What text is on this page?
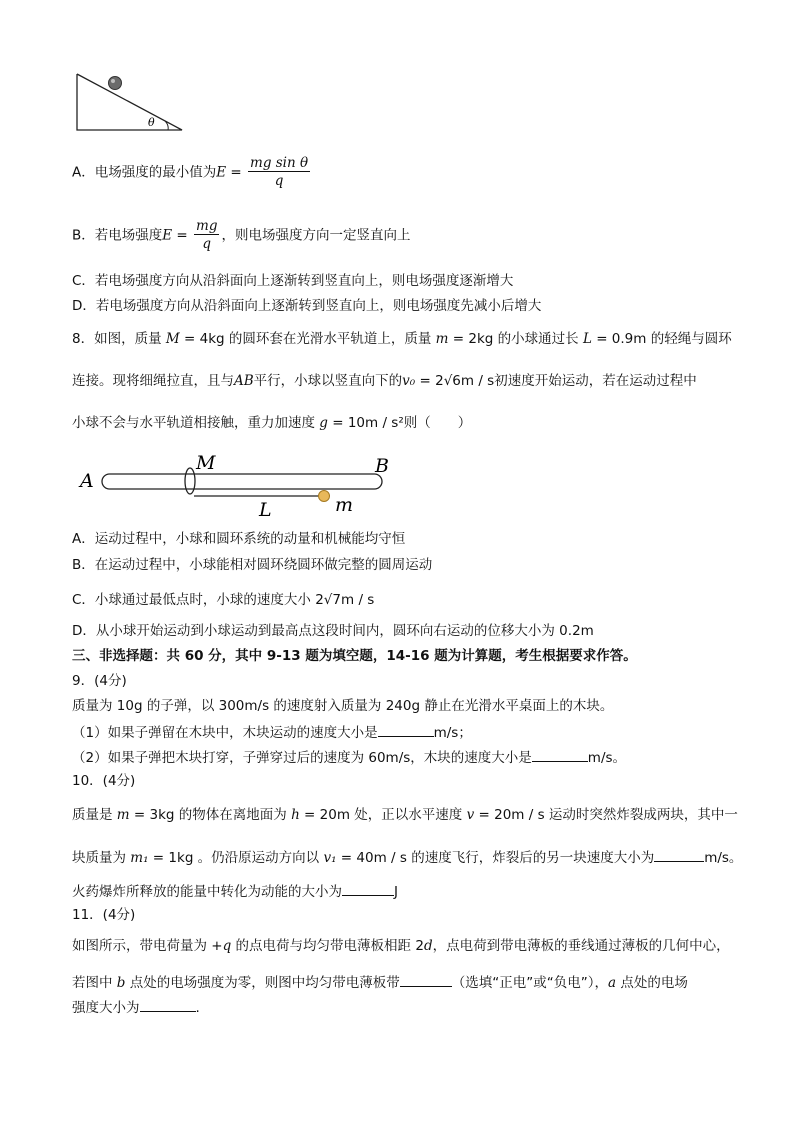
θ
A．电场强度的最小值为$E = \frac{\text{mg sin θ}}{q}$
B．若电场强度$E = \frac{mg}{q}$ ，则电场强度方向一定竖直向上
C．若电场强度方向从沿斜面向上逐渐转到竖直向上，则电场强度逐渐增大
D．若电场强度方向从沿斜面向上逐渐转到竖直向上，则电场强度先减小后增大
8．如图，质量 M = 4kg 的圆环套在光滑水平轨道上，质量 m = 2kg 的小球通过长 L = 0.9m 的轻绳与圆环
连接。现将细绳拉直，且与AB平行，小球以竖直向下的v₀ = 2√6m / s初速度开始运动，若在运动过程中
小球不会与水平轨道相接触，重力加速度 g = 10m / s²则（　　）
A
M	B
L	m
A．运动过程中，小球和圆环系统的动量和机械能均守恒
B．在运动过程中，小球能相对圆环绕圆环做完整的圆周运动
C．小球通过最低点时，小球的速度大小 2√7m / s
D．从小球开始运动到小球运动到最高点这段时间内，圆环向右运动的位移大小为 0.2m
三、非选择题：共 60 分，其中 9-13 题为填空题，14-16 题为计算题，考生根据要求作答。
9．(4分)
质量为 10g 的子弹，以 300m/s 的速度射入质量为 240g 静止在光滑水平桌面上的木块。
（1）如果子弹留在木块中，木块运动的速度大小是	m/s；
（2）如果子弹把木块打穿，子弹穿过后的速度为 60m/s，木块的速度大小是	m/s。
10．(4分)
质量是 m = 3kg 的物体在离地面为 h = 20m 处，正以水平速度 v = 20m / s 运动时突然炸裂成两块，其中一
块质量为 m₁ = 1kg 。仍沿原运动方向以 v₁ = 40m / s 的速度飞行，炸裂后的另一块速度大小为	m/s。
火药爆炸所释放的能量中转化为动能的大小为	J
11．(4分)
如图所示，带电荷量为 +q 的点电荷与均匀带电薄板相距 2d，点电荷到带电薄板的垂线通过薄板的几何中心，
若图中 b 点处的电场强度为零，则图中均匀带电薄板带	（选填“正电”或“负电”），a 点处的电场
强度大小为	.
